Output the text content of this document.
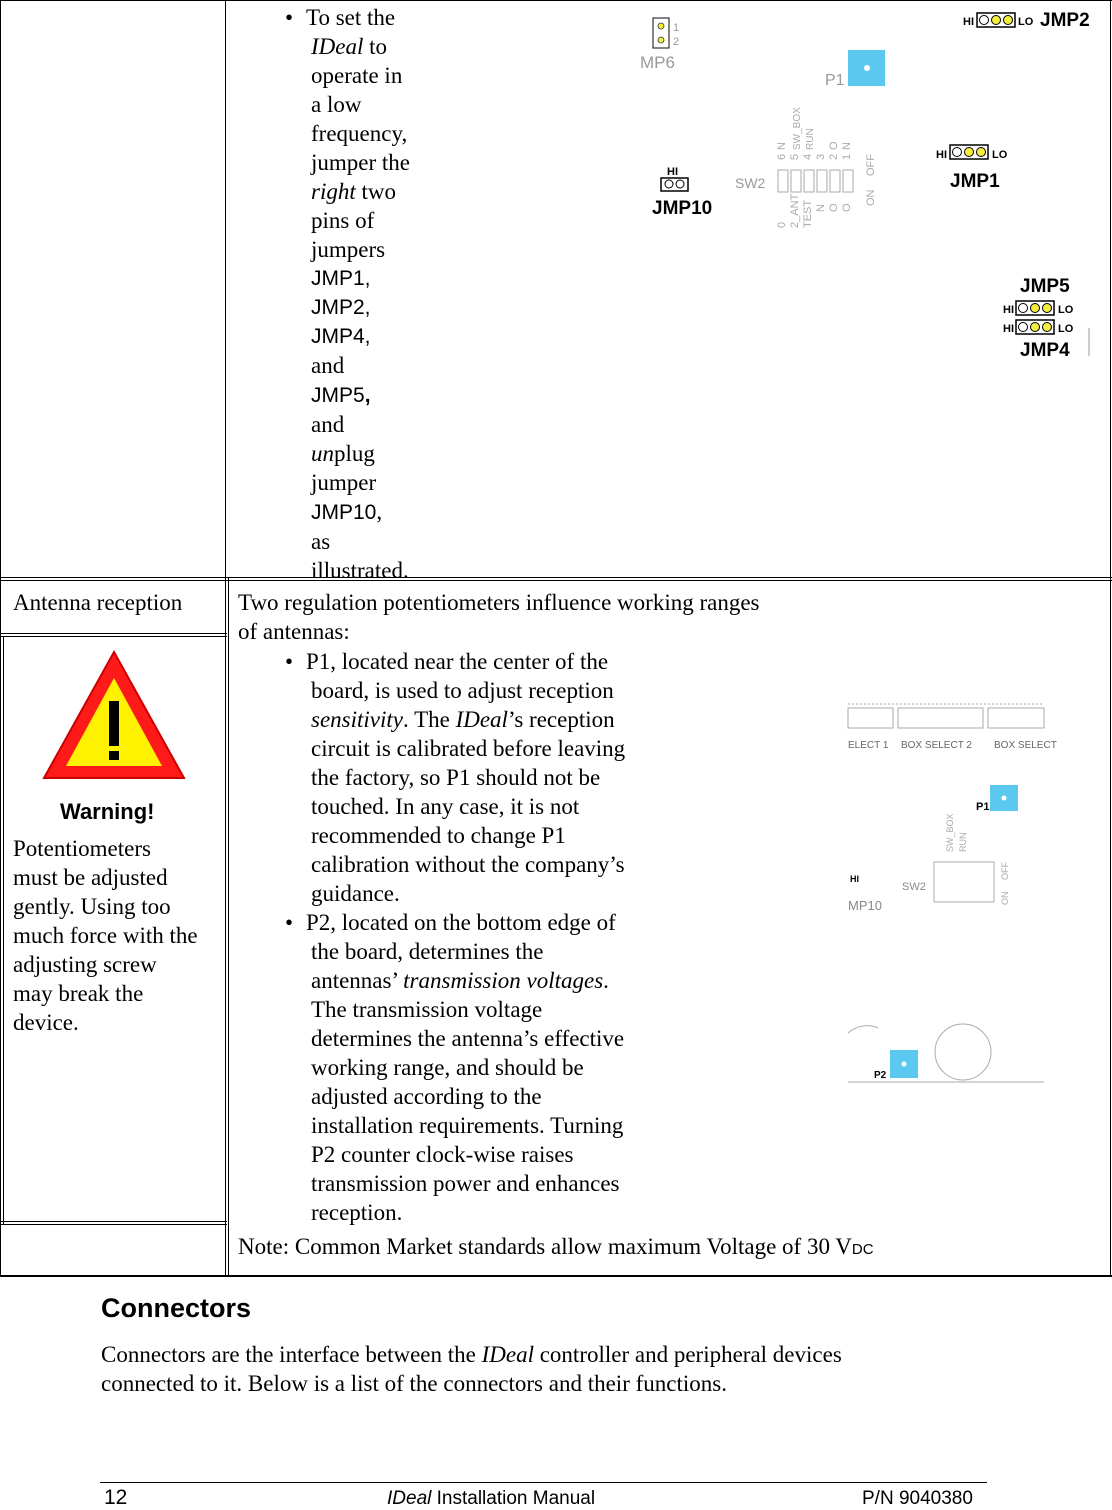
• To set the
IDeal to
operate in
a low
frequency,
jumper the
right two
pins of
jumpers
JMP1,
JMP2,
JMP4,
and
JMP5,
and
unplug
jumper
JMP10,
as
illustrated.
1
2
MP6
P1
HI	LO JMP2
SW2
SW_BOX RUN
6 5 4 3 2 1
N	O N
0 2_ANT TEST N O O
ON
OFF	HI	LO
JMP1
HI
JMP10
JMP5
HI	LO
HI	LO
JMP4
Antenna reception
Warning!
Potentiometers
must be adjusted
gently. Using too
much force with the
adjusting screw
may break the
device.
Two regulation potentiometers influence working ranges
of antennas:
• P1, located near the center of the
board, is used to adjust reception
sensitivity. The IDeal’s reception
circuit is calibrated before leaving
the factory, so P1 should not be
touched. In any case, it is not
recommended to change P1
calibration without the company’s
guidance.
• P2, located on the bottom edge of
the board, determines the
antennas’ transmission voltages.
The transmission voltage
determines the antenna’s effective
working range, and should be
adjusted according to the
installation requirements. Turning
P2 counter clock-wise raises
transmission power and enhances
reception.
Note: Common Market standards allow maximum Voltage of 30 VDC
ELECT 1 BOX SELECT 2 BOX SELECT
P1
SW2
SW_BOX RUN
ON
OFF
HI
MP10
P2
Connectors
Connectors are the interface between the IDeal controller and peripheral devices
connected to it. Below is a list of the connectors and their functions.
12	IDeal Installation Manual	P/N 9040380
